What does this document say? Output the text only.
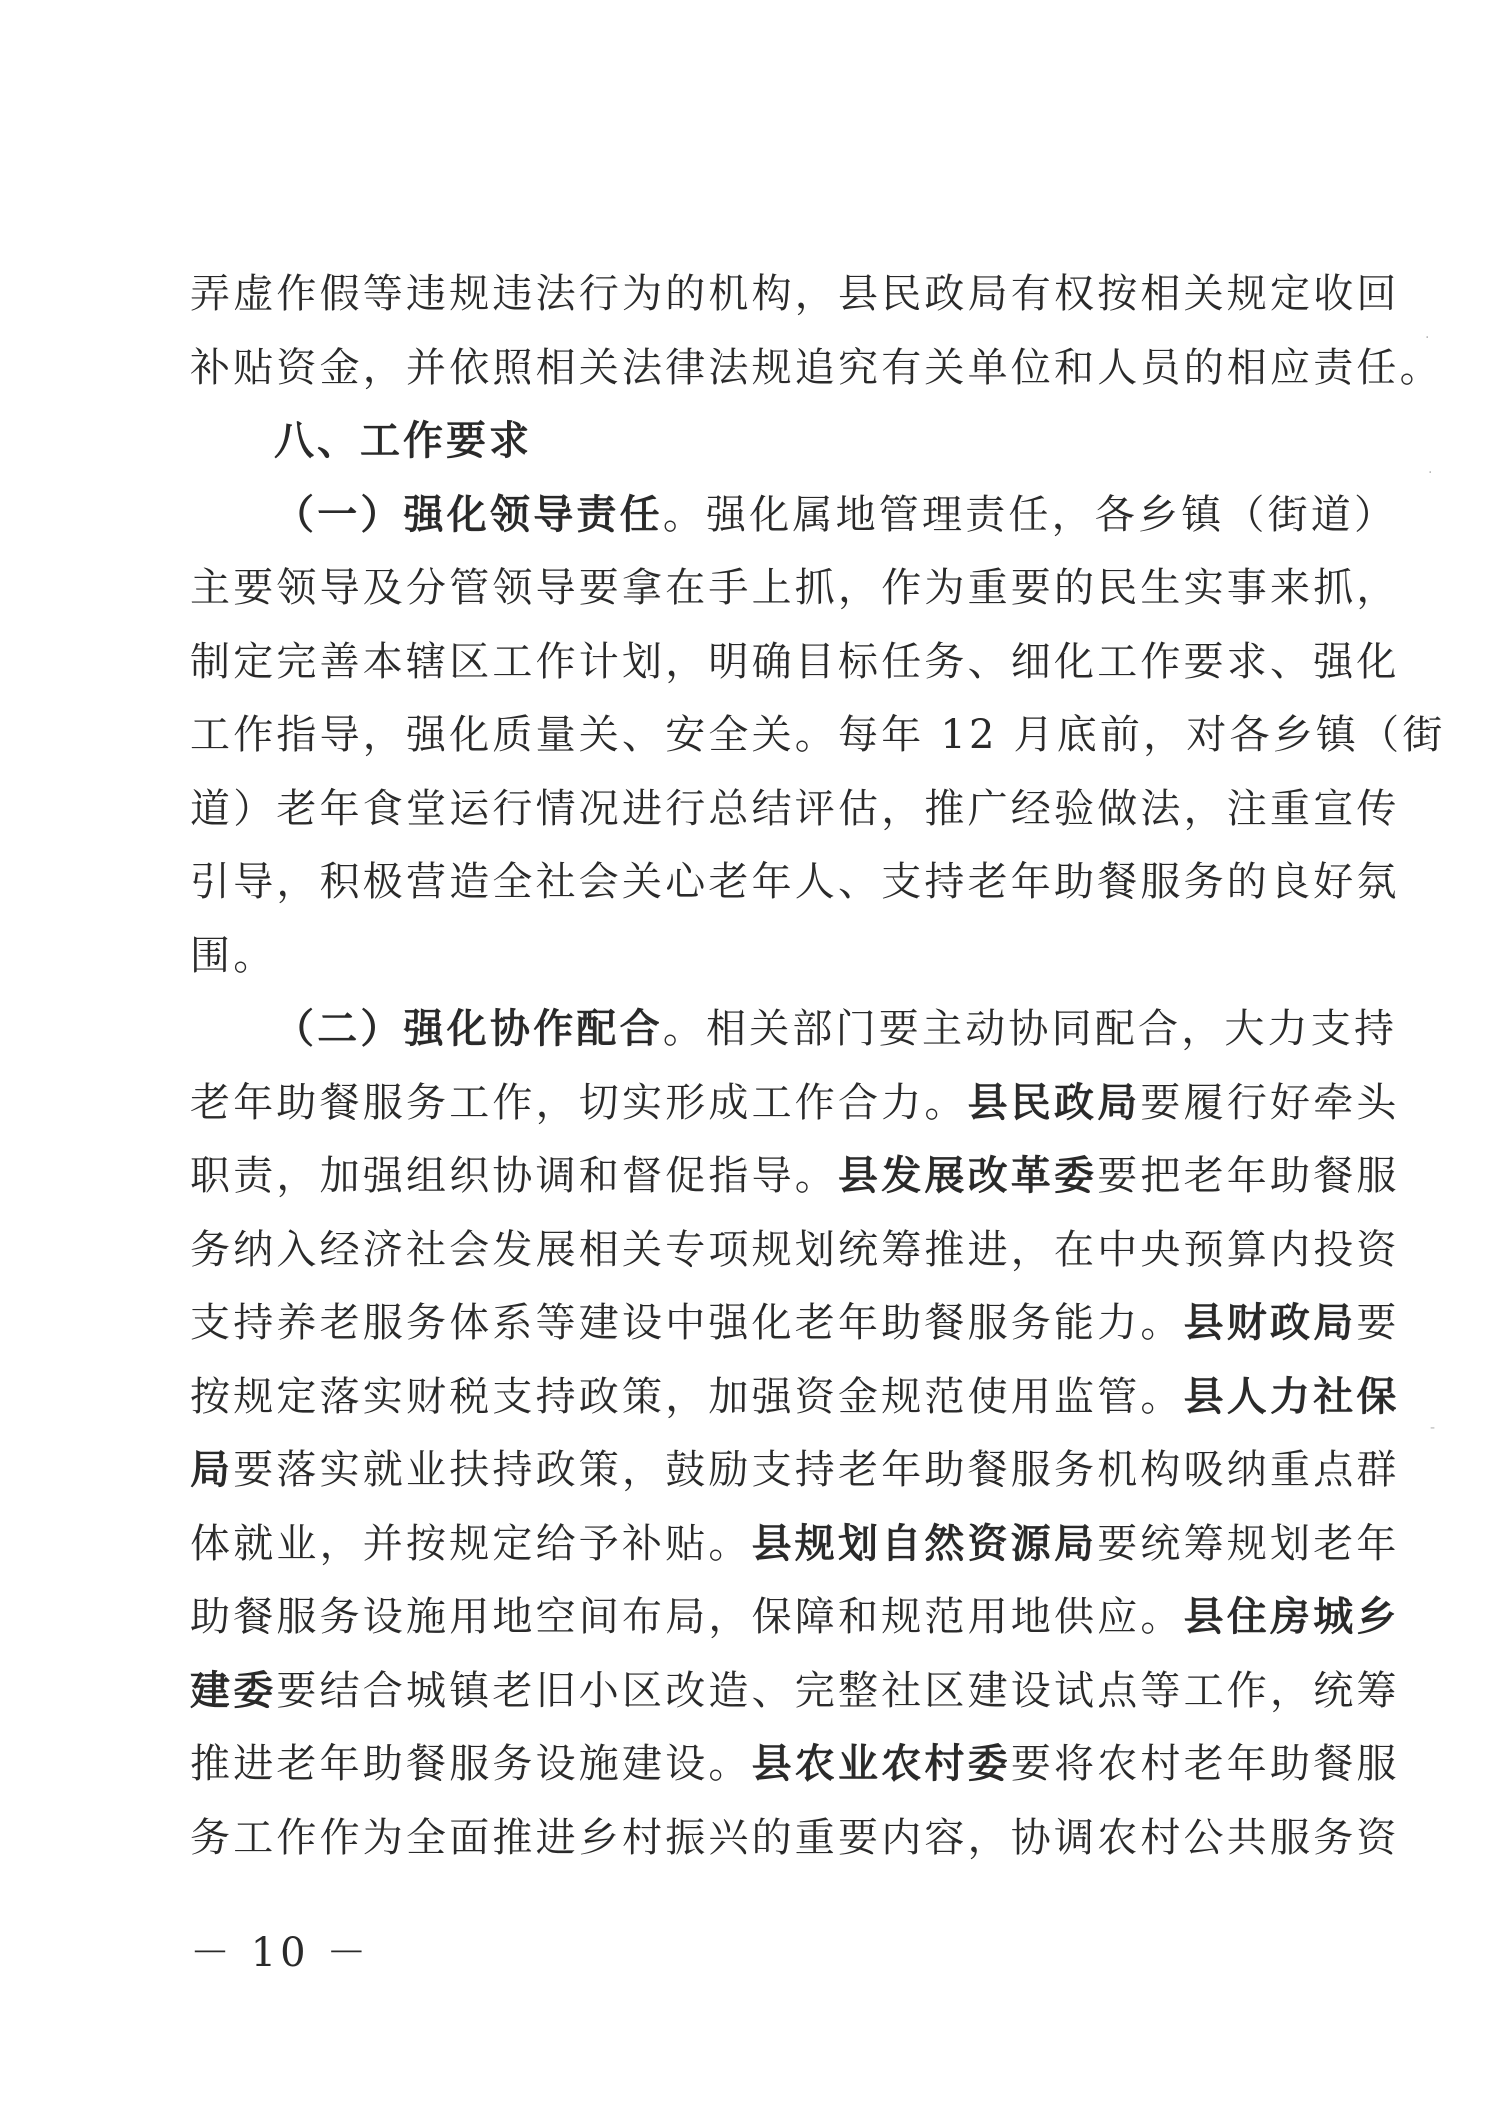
弄虚作假等违规违法行为的机构，县民政局有权按相关规定收回
补贴资金，并依照相关法律法规追究有关单位和人员的相应责任。
八、工作要求
（一）强化领导责任。强化属地管理责任，各乡镇（街道）
主要领导及分管领导要拿在手上抓，作为重要的民生实事来抓，
制定完善本辖区工作计划，明确目标任务、细化工作要求、强化
工作指导，强化质量关、安全关。每年 12 月底前，对各乡镇（街
道）老年食堂运行情况进行总结评估，推广经验做法，注重宣传
引导，积极营造全社会关心老年人、支持老年助餐服务的良好氛
围。
（二）强化协作配合。相关部门要主动协同配合，大力支持
老年助餐服务工作，切实形成工作合力。县民政局要履行好牵头
职责，加强组织协调和督促指导。县发展改革委要把老年助餐服
务纳入经济社会发展相关专项规划统筹推进，在中央预算内投资
支持养老服务体系等建设中强化老年助餐服务能力。县财政局要
按规定落实财税支持政策，加强资金规范使用监管。县人力社保
局要落实就业扶持政策，鼓励支持老年助餐服务机构吸纳重点群
体就业，并按规定给予补贴。县规划自然资源局要统筹规划老年
助餐服务设施用地空间布局，保障和规范用地供应。县住房城乡
建委要结合城镇老旧小区改造、完整社区建设试点等工作，统筹
推进老年助餐服务设施建设。县农业农村委要将农村老年助餐服
务工作作为全面推进乡村振兴的重要内容，协调农村公共服务资
－ 10 －
·
·
-
